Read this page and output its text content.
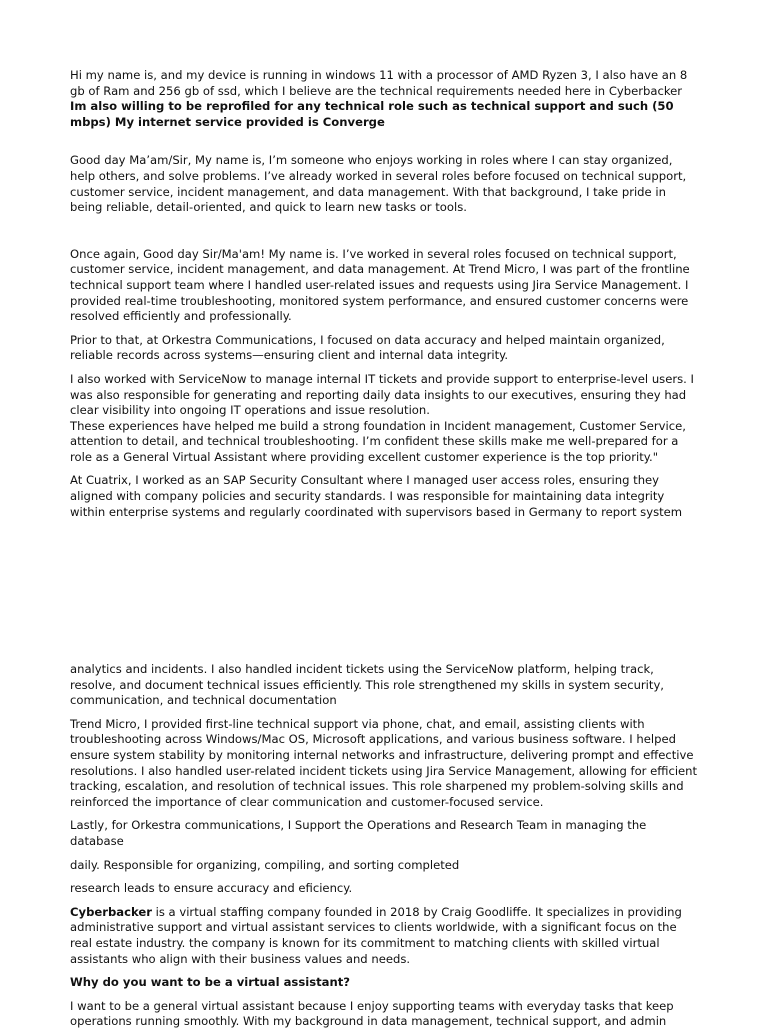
Hi my name is, and my device is running in windows 11 with a processor of AMD Ryzen 3, I also have an 8 gb of Ram and 256 gb of ssd, which I believe are the technical requirements needed here in Cyberbacker

Im also willing to be reprofiled for any technical role such as technical support and such (50 mbps) My internet service provided is Converge

Good day Ma’am/Sir, My name is, I’m someone who enjoys working in roles where I can stay organized, help others, and solve problems. I’ve already worked in several roles before focused on technical support, customer service, incident management, and data management. With that background, I take pride in being reliable, detail-oriented, and quick to learn new tasks or tools.

Once again, Good day Sir/Ma'am! My name is. I’ve worked in several roles focused on technical support, customer service, incident management, and data management. At Trend Micro, I was part of the frontline technical support team where I handled user-related issues and requests using Jira Service Management. I provided real-time troubleshooting, monitored system performance, and ensured customer concerns were resolved efficiently and professionally.

Prior to that, at Orkestra Communications, I focused on data accuracy and helped maintain organized, reliable records across systems—ensuring client and internal data integrity.

I also worked with ServiceNow to manage internal IT tickets and provide support to enterprise-level users. I was also responsible for generating and reporting daily data insights to our executives, ensuring they had clear visibility into ongoing IT operations and issue resolution.

These experiences have helped me build a strong foundation in Incident management, Customer Service, attention to detail, and technical troubleshooting. I’m confident these skills make me well-prepared for a role as a General Virtual Assistant where providing excellent customer experience is the top priority."

At Cuatrix, I worked as an SAP Security Consultant where I managed user access roles, ensuring they aligned with company policies and security standards. I was responsible for maintaining data integrity within enterprise systems and regularly coordinated with supervisors based in Germany to report system

analytics and incidents. I also handled incident tickets using the ServiceNow platform, helping track, resolve, and document technical issues efficiently. This role strengthened my skills in system security, communication, and technical documentation

Trend Micro, I provided first-line technical support via phone, chat, and email, assisting clients with troubleshooting across Windows/Mac OS, Microsoft applications, and various business software. I helped ensure system stability by monitoring internal networks and infrastructure, delivering prompt and effective resolutions. I also handled user-related incident tickets using Jira Service Management, allowing for efficient tracking, escalation, and resolution of technical issues. This role sharpened my problem-solving skills and reinforced the importance of clear communication and customer-focused service.

Lastly, for Orkestra communications, I Support the Operations and Research Team in managing the database

daily. Responsible for organizing, compiling, and sorting completed

research leads to ensure accuracy and eficiency.

Cyberbacker is a virtual staffing company founded in 2018 by Craig Goodliffe. It specializes in providing administrative support and virtual assistant services to clients worldwide, with a significant focus on the real estate industry. the company is known for its commitment to matching clients with skilled virtual assistants who align with their business values and needs.

Why do you want to be a virtual assistant?

I want to be a general virtual assistant because I enjoy supporting teams with everyday tasks that keep operations running smoothly. With my background in data management, technical support, and admin
